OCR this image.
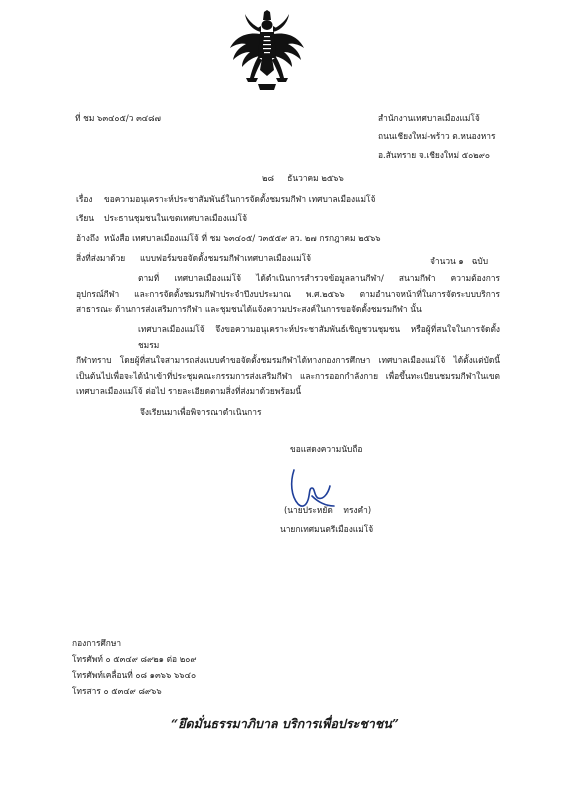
ที่ ชม ๖๓๔๐๕/ว ๓๔๘๗	สำนักงานเทศบาลเมืองแม่โจ้
ถนนเชียงใหม่-พร้าว ต.หนองหาร
อ.สันทราย จ.เชียงใหม่ ๕๐๒๙๐
๒๘     ธันวาคม ๒๕๖๖
เรื่อง ขอความอนุเคราะห์ประชาสัมพันธ์ในการจัดตั้งชมรมกีฬา เทศบาลเมืองแม่โจ้
เรียน ประธานชุมชนในเขตเทศบาลเมืองแม่โจ้
อ้างถึง หนังสือ เทศบาลเมืองแม่โจ้ ที่ ชม ๖๓๔๐๕/ ว๓๕๕๙ ลว. ๒๗ กรกฎาคม ๒๕๖๖
สิ่งที่ส่งมาด้วย แบบฟอร์มขอจัดตั้งชมรมกีฬาเทศบาลเมืองแม่โจ้	จำนวน ๑   ฉบับ
ตามที่ เทศบาลเมืองแม่โจ้ ได้ดำเนินการสำรวจข้อมูลลานกีฬา/ สนามกีฬา ความต้องการ
อุปกรณ์กีฬา และการจัดตั้งชมรมกีฬาประจำปีงบประมาณ พ.ศ.๒๕๖๖ ตามอำนาจหน้าที่ในการจัดระบบบริการ
สาธารณะ ด้านการส่งเสริมการกีฬา และชุมชนได้แจ้งความประสงค์ในการขอจัดตั้งชมรมกีฬา นั้น
เทศบาลเมืองแม่โจ้ จึงขอความอนุเคราะห์ประชาสัมพันธ์เชิญชวนชุมชน หรือผู้ที่สนใจในการจัดตั้งชมรม
กีฬาทราบ โดยผู้ที่สนใจสามารถส่งแบบคำขอจัดตั้งชมรมกีฬาได้ทางกองการศึกษา เทศบาลเมืองแม่โจ้ ได้ตั้งแต่บัดนี้
เป็นต้นไปเพื่อจะได้นำเข้าที่ประชุมคณะกรรมการส่งเสริมกีฬา และการออกกำลังกาย เพื่อขึ้นทะเบียนชมรมกีฬาในเขต
เทศบาลเมืองแม่โจ้ ต่อไป รายละเอียดตามสิ่งที่ส่งมาด้วยพร้อมนี้
จึงเรียนมาเพื่อพิจารณาดำเนินการ
ขอแสดงความนับถือ
(นายประหยัด    ทรงคำ)
นายกเทศมนตรีเมืองแม่โจ้
กองการศึกษา
โทรศัพท์ ๐ ๕๓๔๙ ๘๙๒๑ ต่อ ๒๐๙
โทรศัพท์เคลื่อนที่ ๐๘ ๑๓๖๖ ๖๖๔๐
โทรสาร ๐ ๕๓๔๙ ๘๙๖๖
“ยึดมั่นธรรมาภิบาล บริการเพื่อประชาชน”
